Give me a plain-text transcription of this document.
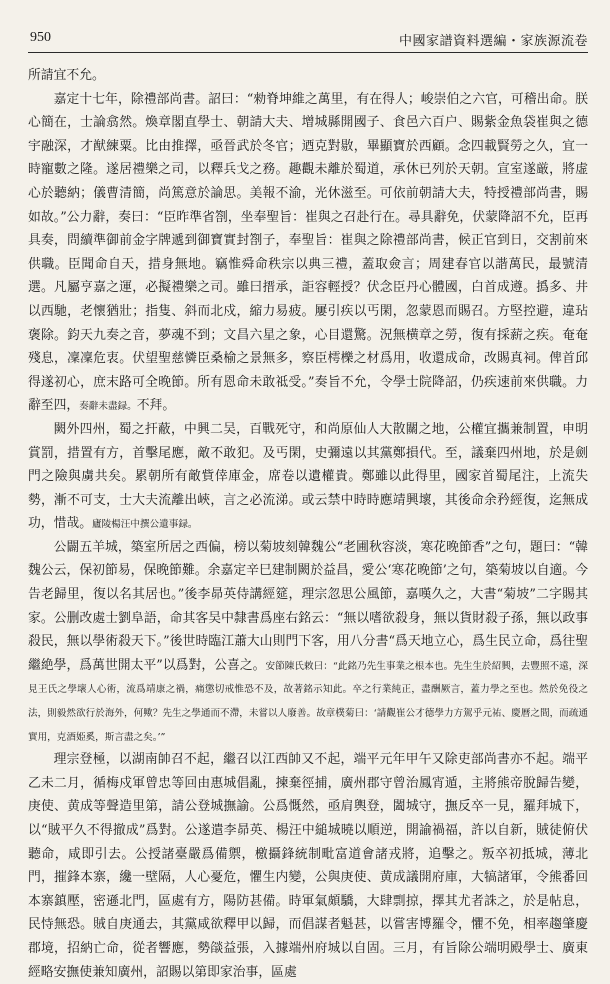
950	中國家譜資料選編・家族源流卷

所請宜不允。

嘉定十七年，除禮部尚書。詔曰：“勑脊坤維之萬里，有在得人；峻崇伯之六官，可稽出命。朕心簡在，士論翕然。煥章閣直學士、朝請大夫、增城縣開國子、食邑六百户、賜紫金魚袋崔與之德宇融深，才猷練粟。比由推擇，亟晉武於冬官；迺克對敭，畢顯寶於西顧。念四載賢勞之久，宜一時寵數之隆。遂居禮樂之司，以釋兵戈之務。趣觀未離於蜀道，承休已列於天朝。宣室遂厳，將虚心於聽納；儀曹清簡，尚篤意於論思。美報不渝，光休滋至。可依前朝請大夫，特授禮部尚書，賜如故。”公力辭，奏曰：“臣昨準省劄，坐奉聖旨：崔與之召赴行在。尋具辭免，伏蒙降詔不允，臣再具奏，問續準御前金字牌遞到御寶實封劄子，奉聖旨：崔與之除禮部尚書，候正官到日，交割前來供職。臣聞命自天，措身無地。竊惟舜命秩宗以典三禮，蓋取僉言；周建春官以諧萬民，最號清選。凡屬亨嘉之運，必擬禮樂之司。雖曰搢承，詎容輕授？伏念臣丹心體國，白首成遵。撝多、井以西馳，老懷猶壯；指隻、斜而北戍，縮力易疲。屢引疾以丐閑，忽蒙恩而賜召。方堅控避，違玷褒除。鈞天九奏之音，夢魂不到；文昌六星之象，心目還驚。況無横章之勞，復有採薪之疾。奄奄殘息，凜凜危衷。伏望聖慈憐臣桑榆之景無多，察臣樗櫟之材爲用，收還成命，改賜真祠。俾首邱得遂初心，庶末路可全晚節。所有恩命未敢祗受。”奏旨不允，令學士院降詔，仍疾速前來供職。力辭至四，奏辭未盡録。不拜。

闕外四州，蜀之扞蔽，中興二吴，百戰死守，和尚原仙人大散關之地，公權宜攜兼制置，申明賞罰，措置有方，首擊尾應，敵不敢犯。及丐閑，史彌遠以其黨鄭損代。至，議棄四州地，於是劍門之險與虜共矣。累朝所有敵貲倖庫金，席卷以遺權貴。鄭雖以此得里，國家首蜀尾注，上流失勢，漸不可支，士大夫流離出峽，言之必流涕。或云禁中時時應靖興壞，其後命余矜經復，迄無成功，惜哉。廬陵楊汪中撰公遺事録。

公闢五羊城，築室所居之西偏，榜以菊坡刻韓魏公“老圃秋容淡，寒花晚節香”之句，題曰：“韓魏公云，保初節易，保晚節難。余嘉定辛巳建制闕於益昌，愛公‘寒花晚節’之句，築菊坡以自適。今告老歸里，復以名其居也。”後李昴英侍講經筵，理宗忽思公風節，嘉嘆久之，大書“菊坡”二字賜其家。公删改處士劉阜語，命其客吴中隸書爲座右銘云：“無以嗜欲殺身，無以貨財殺子孫，無以政事殺民，無以學術殺天下。”後世時臨江蕭大山則門下客，用八分書“爲天地立心，爲生民立命，爲往聖繼絶學，爲萬世開太平”以爲對，公喜之。安節陳氏敕曰：“此銘乃先生事業之根本也。先生生於紹興，去豐照不遠，深見王氏之學壞人心術，流爲靖康之禍，痛懲切戒惟恐不及，故著銘示知此。卒之行業純正，盡酬厥言，蓋力學之至也。然於免役之法，則毅然欲行於海外，何歟？先生之學通而不滯，未嘗以人廢善。故章樸菊曰：‘請觀崔公才德學力方駕乎元祐、慶曆之間，而疏通實用，克酒姫奚，斯言盡之矣。’”

理宗登極，以湖南帥召不起，繼召以江西帥又不起，端平元年甲午又除吏部尚書亦不起。端平乙未二月，循梅戍軍曾忠等回由惠城倡亂，揀棄徑捕，廣州郡守曾治鳳宵遁，主將熊帝脫歸告變，庚使、黄成等聲造里第，請公登城撫諭。公爲慨然，亟肩輿登，闔城守，撫反卒一見，羅拜城下，以“賊平久不得撤成”爲對。公遂遣李昴英、楊汪中縋城曉以順逆，開諭禍福，許以自新，賊徒俯伏聽命，咸即引去。公授諸臺嚴爲備禦，檄攝鋒統制毗富道會諸戎將，追擊之。叛卒初抵城，薄北門，摧鋒本寨，纔一壁隔，人心憂危，懼生内變，公與庚使、黄成議開府庫，大犒諸軍，令熊番回本寨鎮壓，密遜北門，區處有方，陽防甚備。時軍氣頗驕，大肆剽掠，擇其尤者誅之，於是帖息，民恃無恐。賊自庚通去，其黨咸欲釋甲以歸，而倡謀者魁甚，以嘗害博羅令，懼不免，相率趨肇慶郡境，招納亡命，從者響應，勢燄益張，入據端州府城以自固。三月，有旨除公端明殿學士、廣東經略安撫使兼知廣州，詔賜以第即家治事，區處
